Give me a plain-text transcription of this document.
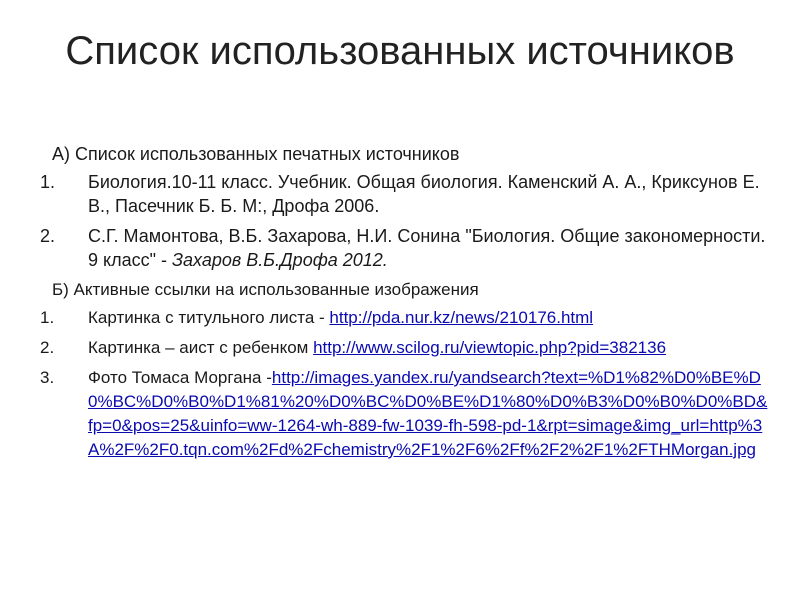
Список использованных источников
А) Список использованных печатных источников
1.	Биология.10-11 класс. Учебник. Общая биология. Каменский А. А., Криксунов Е. В., Пасечник Б. Б. М:, Дрофа 2006.
2.	С.Г. Мамонтова, В.Б. Захарова, Н.И. Сонина "Биология. Общие закономерности. 9 класс" - Захаров В.Б.Дрофа 2012.
Б) Активные ссылки на использованные изображения
1.	Картинка с титульного листа - http://pda.nur.kz/news/210176.html
2.	Картинка – аист с ребенком http://www.scilog.ru/viewtopic.php?pid=382136
3.	Фото Томаса Моргана -http://images.yandex.ru/yandsearch?text=%D1%82%D0%BE%D0%BC%D0%B0%D1%81%20%D0%BC%D0%BE%D1%80%D0%B3%D0%B0%D0%BD&fp=0&pos=25&uinfo=ww-1264-wh-889-fw-1039-fh-598-pd-1&rpt=simage&img_url=http%3A%2F%2F0.tqn.com%2Fd%2Fchemistry%2F1%2F6%2Ff%2F2%2F1%2FTHMorgan.jpg
